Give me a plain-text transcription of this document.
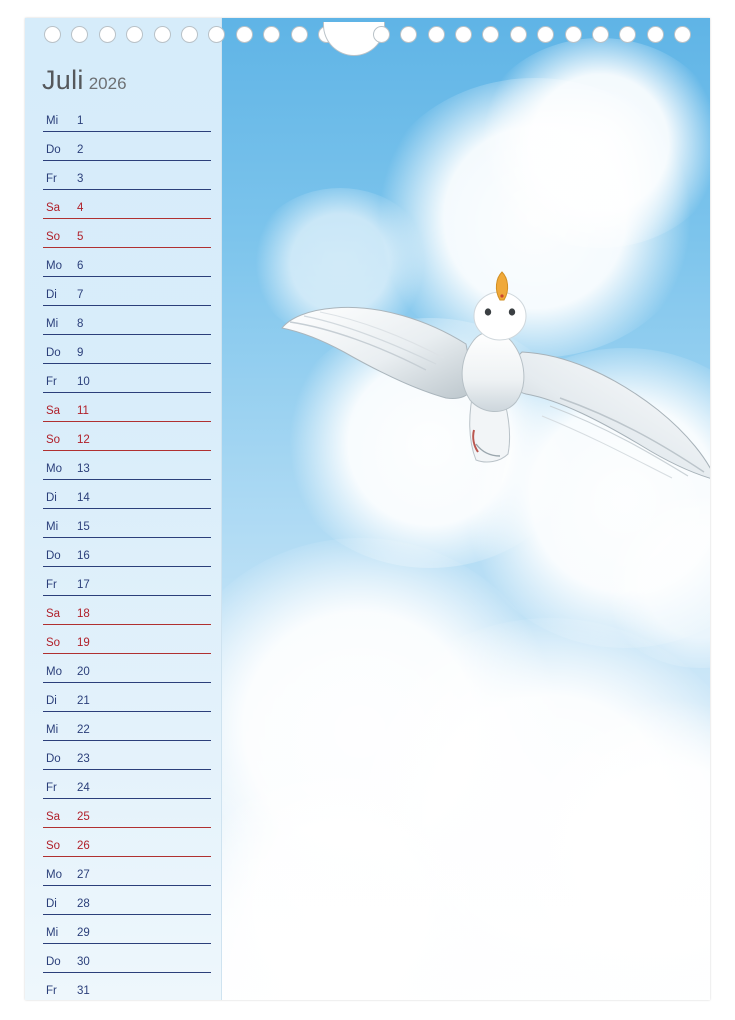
Juli 2026
Mi 1
Do 2
Fr 3
Sa 4
So 5
Mo 6
Di 7
Mi 8
Do 9
Fr 10
Sa 11
So 12
Mo 13
Di 14
Mi 15
Do 16
Fr 17
Sa 18
So 19
Mo 20
Di 21
Mi 22
Do 23
Fr 24
Sa 25
So 26
Mo 27
Di 28
Mi 29
Do 30
Fr 31
